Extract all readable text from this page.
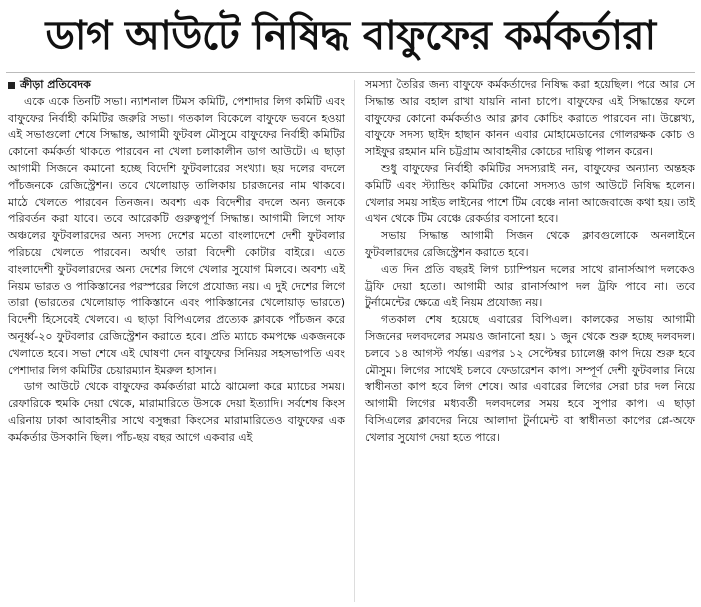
ডাগ আউটে নিষিদ্ধ বাফুফের কর্মকর্তারা
ক্রীড়া প্রতিবেদক

একে একে তিনটি সভা। ন্যাশনাল টিমস কমিটি, পেশাদার লিগ কমিটি এবং বাফুফের নির্বাহী কমিটির জরুরি সভা। গতকাল বিকেলে বাফুফে ভবনে হওয়া এই সভাগুলো শেষে সিদ্ধান্ত, আগামী ফুটবল মৌসুমে বাফুফের নির্বাহী কমিটির কোনো কর্মকর্তা থাকতে পারবেন না খেলা চলাকালীন ডাগ আউটে। এ ছাড়া আগামী সিজনে কমানো হচ্ছে বিদেশি ফুটবলারের সংখ্যা। ছয় দলের বদলে পাঁচজনকে রেজিস্ট্রেশন। তবে খেলোয়াড় তালিকায় চারজনের নাম থাকবে। মাঠে খেলতে পারবেন তিনজন। অবশ্য এক বিদেশীর বদলে অন্য জনকে পরিবর্তন করা যাবে। তবে আরেকটি গুরুত্বপূর্ণ সিদ্ধান্ত। আগামী লিগে সাফ অঞ্চলের ফুটবলারদের অন্য সদস্য দেশের মতো বাংলাদেশে দেশী ফুটবলার পরিচয়ে খেলতে পারবেন। অর্থাৎ তারা বিদেশী কোটার বাইরে। এতে বাংলাদেশী ফুটবলারদের অন্য দেশের লিগে খেলার সুযোগ মিলবে। অবশ্য এই নিয়ম ভারত ও পাকিস্তানের পরস্পরের লিগে প্রযোজ্য নয়। এ দুই দেশের লিগে তারা (ভারতের খেলোয়াড় পাকিস্তানে এবং পাকিস্তানের খেলোয়াড় ভারতে) বিদেশী হিসেবেই খেলবে। এ ছাড়া বিপিএলের প্রত্যেক ক্লাবকে পাঁচজন করে অনূর্ধ্ব-২০ ফুটবলার রেজিস্ট্রেশন করাতে হবে। প্রতি ম্যাচে কমপক্ষে একজনকে খেলাতে হবে। সভা শেষে এই ঘোষণা দেন বাফুফের সিনিয়র সহসভাপতি এবং পেশাদার লিগ কমিটির চেয়ারম্যান ইমরুল হাসান।

ডাগ আউটে থেকে বাফুফের কর্মকর্তারা মাঠে ঝামেলা করে ম্যাচের সময়। রেফারিকে হুমকি দেয়া থেকে, মারামারিতে উসকে দেয়া ইত্যাদি। সর্বশেষ কিংস এরিনায় ঢাকা আবাহনীর সাথে বসুন্ধরা কিংসের মারামারিতেও বাফুফের এক কর্মকর্তার উসকানি ছিল। পাঁচ-ছয় বছর আগে একবার এই

সমস্যা তৈরির জন্য বাফুফে কর্মকর্তাদের নিষিদ্ধ করা হয়েছিল। পরে আর সে সিদ্ধান্ত আর বহাল রাখা যায়নি নানা চাপে। বাফুফের এই সিদ্ধান্তের ফলে বাফুফের কোনো কর্মকর্তাও আর ক্লাব কোচিং করাতে পারবেন না। উল্লেখ্য, বাফুফে সদস্য ছাইদ হাছান কানন এবার মোহামেডানের গোলরক্ষক কোচ ও সাইফুর রহমান মনি চট্টগ্রাম আবাহনীর কোচের দায়িত্ব পালন করেন।

শুধু বাফুফের নির্বাহী কমিটির সদস্যরাই নন, বাফুফের অন্যান্য অন্তহক কমিটি এবং স্ট্যান্ডিং কমিটির কোনো সদস্যও ডাগ আউটে নিষিদ্ধ হলেন। খেলার সময় সাইড লাইনের পাশে টিম বেঞ্চে নানা আজেবাজে কথা হয়। তাই এখন থেকে টিম বেঞ্চে রেকর্ডার বসানো হবে।

সভায় সিদ্ধান্ত আগামী সিজন থেকে ক্লাবগুলোকে অনলাইনে ফুটবলারদের রেজিস্ট্রেশন করাতে হবে।

এত দিন প্রতি বছরই লিগ চ্যাম্পিয়ন দলের সাথে রানার্সআপ দলকেও ট্রফি দেয়া হতো। আগামী আর রানার্সআপ দল ট্রফি পাবে না। তবে টুর্নামেন্টের ক্ষেত্রে এই নিয়ম প্রযোজ্য নয়।

গতকাল শেষ হয়েছে এবারের বিপিএল। কালকের সভায় আগামী সিজনের দলবদলের সময়ও জানানো হয়। ১ জুন থেকে শুরু হচ্ছে দলবদল। চলবে ১৪ আগস্ট পর্যন্ত। এরপর ১২ সেপ্টেম্বর চ্যালেঞ্জ কাপ দিয়ে শুরু হবে মৌসুম। লিগের সাথেই চলবে ফেডারেশন কাপ। সম্পূর্ণ দেশী ফুটবলার নিয়ে স্বাধীনতা কাপ হবে লিগ শেষে। আর এবারের লিগের সেরা চার দল নিয়ে আগামী লিগের মধ্যবর্তী দলবদলের সময় হবে সুপার কাপ। এ ছাড়া বিসিএলের ক্লাবদের নিয়ে আলাদা টুর্নামেন্ট বা স্বাধীনতা কাপের প্লে-অফে খেলার সুযোগ দেয়া হতে পারে।
